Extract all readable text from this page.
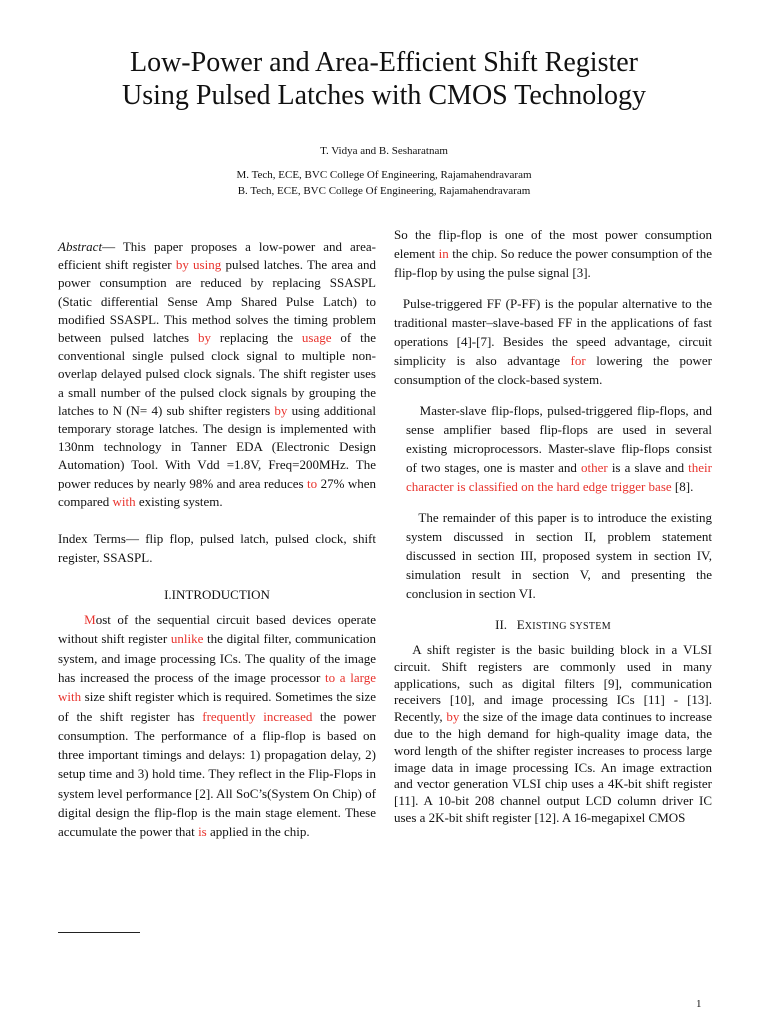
Low-Power and Area-Efficient Shift Register
Using Pulsed Latches with CMOS Technology
T. Vidya and B. Sesharatnam
M. Tech, ECE, BVC College Of Engineering, Rajamahendravaram
B. Tech, ECE, BVC College Of Engineering, Rajamahendravaram

Abstract— This paper proposes a low-power and area-efficient shift register by using pulsed latches. The area and power consumption are reduced by replacing SSASPL (Static differential Sense Amp Shared Pulse Latch) to modified SSASPL. This method solves the timing problem between pulsed latches by replacing the usage of the conventional single pulsed clock signal to multiple non-overlap delayed pulsed clock signals. The shift register uses a small number of the pulsed clock signals by grouping the latches to N (N= 4) sub shifter registers by using additional temporary storage latches. The design is implemented with 130nm technology in Tanner EDA (Electronic Design Automation) Tool. With Vdd =1.8V, Freq=200MHz. The power reduces by nearly 98% and area reduces to 27% when compared with existing system.

Index Terms— flip flop, pulsed latch, pulsed clock, shift register, SSASPL.

I.INTRODUCTION

Most of the sequential circuit based devices operate without shift register unlike the digital filter, communication system, and image processing ICs. The quality of the image has increased the process of the image processor to a large with size shift register which is required. Sometimes the size of the shift register has frequently increased the power consumption. The performance of a flip-flop is based on three important timings and delays: 1) propagation delay, 2) setup time and 3) hold time. They reflect in the Flip-Flops in system level performance [2]. All SoC’s(System On Chip) of digital design the flip-flop is the main stage element. These accumulate the power that is applied in the chip.

So the flip-flop is one of the most power consumption element in the chip. So reduce the power consumption of the flip-flop by using the pulse signal [3].

Pulse-triggered FF (P-FF) is the popular alternative to the traditional master–slave-based FF in the applications of fast operations [4]-[7]. Besides the speed advantage, circuit simplicity is also advantage for lowering the power consumption of the clock-based system.

Master-slave flip-flops, pulsed-triggered flip-flops, and sense amplifier based flip-flops are used in several existing microprocessors. Master-slave flip-flops consist of two stages, one is master and other is a slave and their character is classified on the hard edge trigger base [8].

The remainder of this paper is to introduce the existing system discussed in section II, problem statement discussed in section III, proposed system in section IV, simulation result in section V, and presenting the conclusion in section VI.

II. EXISTING SYSTEM

A shift register is the basic building block in a VLSI circuit. Shift registers are commonly used in many applications, such as digital filters [9], communication receivers [10], and image processing ICs [11] - [13]. Recently, by the size of the image data continues to increase due to the high demand for high-quality image data, the word length of the shifter register increases to process large image data in image processing ICs. An image extraction and vector generation VLSI chip uses a 4K-bit shift register [11]. A 10-bit 208 channel output LCD column driver IC uses a 2K-bit shift register [12]. A 16-megapixel CMOS

1
